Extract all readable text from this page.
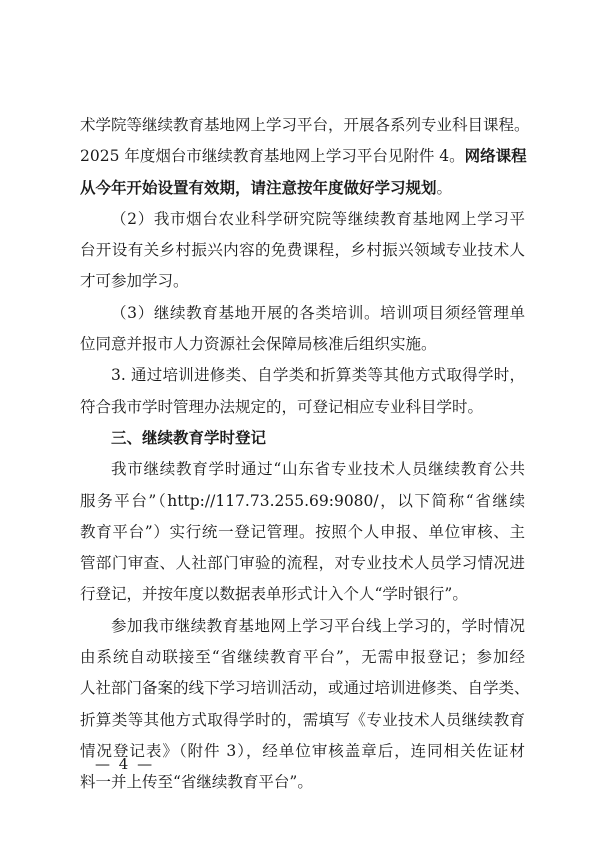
术学院等继续教育基地网上学习平台，开展各系列专业科目课程。
2025 年度烟台市继续教育基地网上学习平台见附件 4。网络课程
从今年开始设置有效期，请注意按年度做好学习规划。
（2）我市烟台农业科学研究院等继续教育基地网上学习平
台开设有关乡村振兴内容的免费课程，乡村振兴领域专业技术人
才可参加学习。
（3）继续教育基地开展的各类培训。培训项目须经管理单
位同意并报市人力资源社会保障局核准后组织实施。
3. 通过培训进修类、自学类和折算类等其他方式取得学时，
符合我市学时管理办法规定的，可登记相应专业科目学时。
三、继续教育学时登记
我市继续教育学时通过“山东省专业技术人员继续教育公共
服务平台”（http://117.73.255.69:9080/，以下简称“省继续
教育平台”）实行统一登记管理。按照个人申报、单位审核、主
管部门审查、人社部门审验的流程，对专业技术人员学习情况进
行登记，并按年度以数据表单形式计入个人“学时银行”。
参加我市继续教育基地网上学习平台线上学习的，学时情况
由系统自动联接至“省继续教育平台”，无需申报登记；参加经
人社部门备案的线下学习培训活动，或通过培训进修类、自学类、
折算类等其他方式取得学时的，需填写《专业技术人员继续教育
情况登记表》（附件 3），经单位审核盖章后，连同相关佐证材
料一并上传至“省继续教育平台”。
— 4 —
